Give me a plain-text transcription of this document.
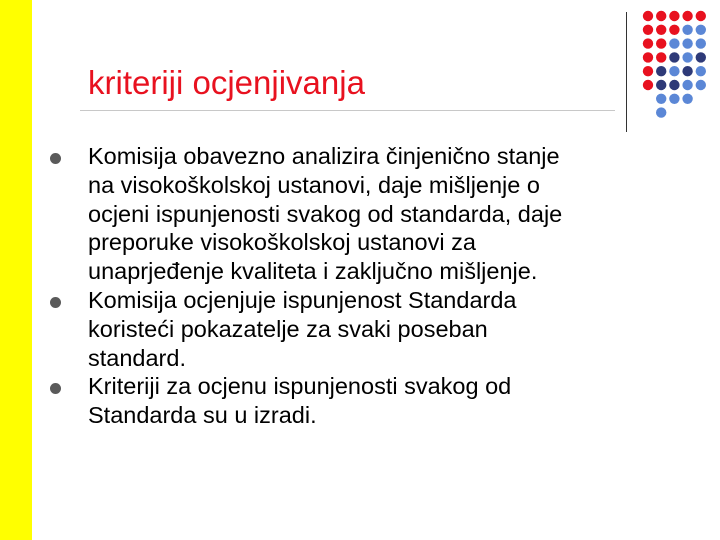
kriteriji ocjenjivanja
Komisija obavezno analizira činjenično stanje
na visokoškolskoj ustanovi, daje mišljenje o
ocjeni ispunjenosti svakog od standarda, daje
preporuke visokoškolskoj ustanovi za
unaprjeđenje kvaliteta i zaključno mišljenje.
Komisija ocjenjuje ispunjenost Standarda
koristeći pokazatelje za svaki poseban
standard.
Kriteriji za ocjenu ispunjenosti svakog od
Standarda su u izradi.
